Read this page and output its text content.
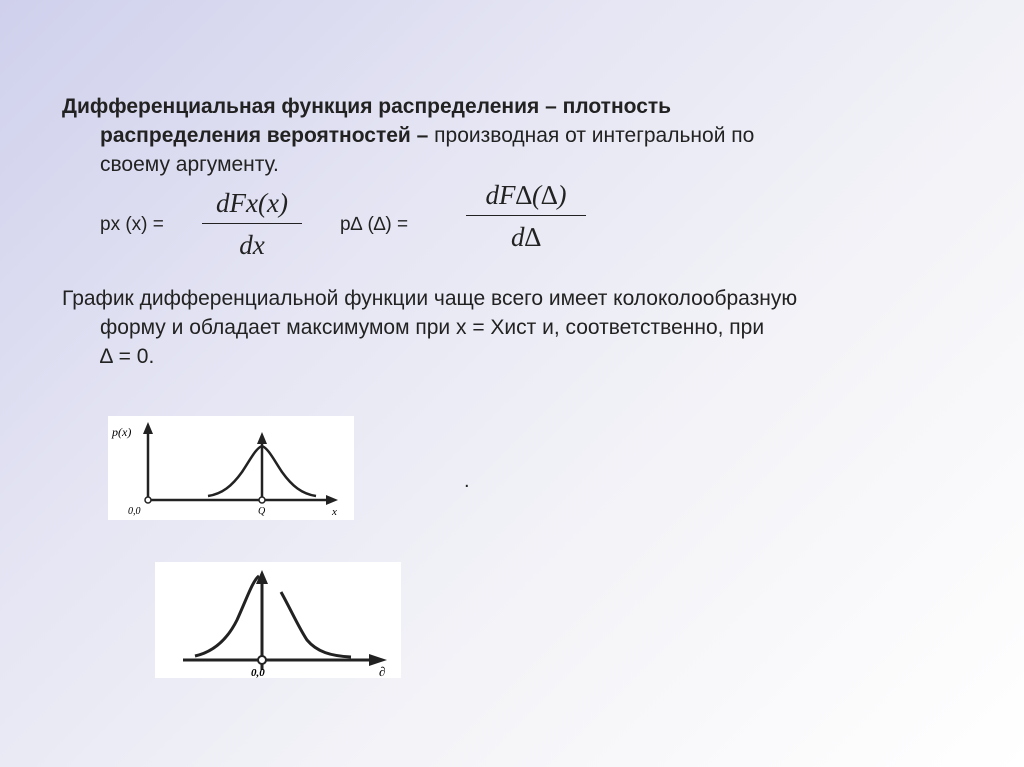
Дифференциальная функция распределения – плотность
распределения вероятностей – производная от интегральной по
своему аргументу.
px (x) =
dFx(x)
dx
p∆ (∆) = $\frac{dF\Delta(\Delta)}{d\Delta}$
График дифференциальной функции чаще всего имеет колоколообразную
форму и обладает максимумом при x = Xист и, соответственно, при
∆ = 0.
p(x)
0,0	Q	x
0,0	∂
.
